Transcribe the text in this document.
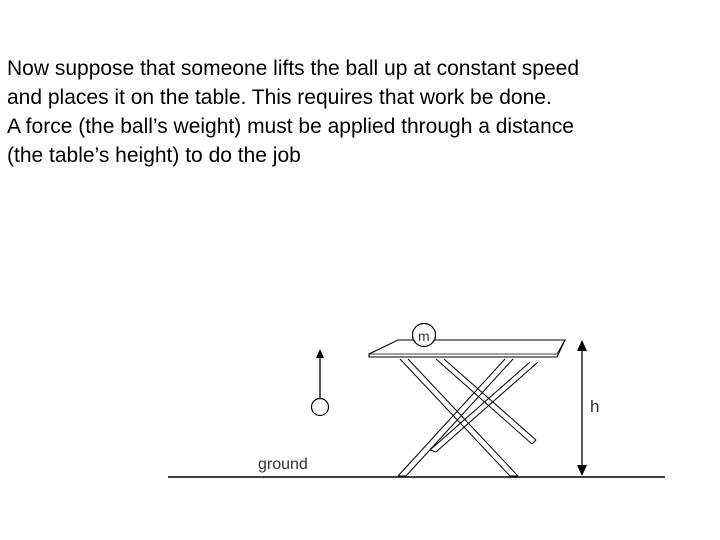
Now suppose that someone lifts the ball up at constant speed
and places it on the table. This requires that work be done.
A force (the ball’s weight) must be applied through a distance
(the table’s height) to do the job
ground
m
h
